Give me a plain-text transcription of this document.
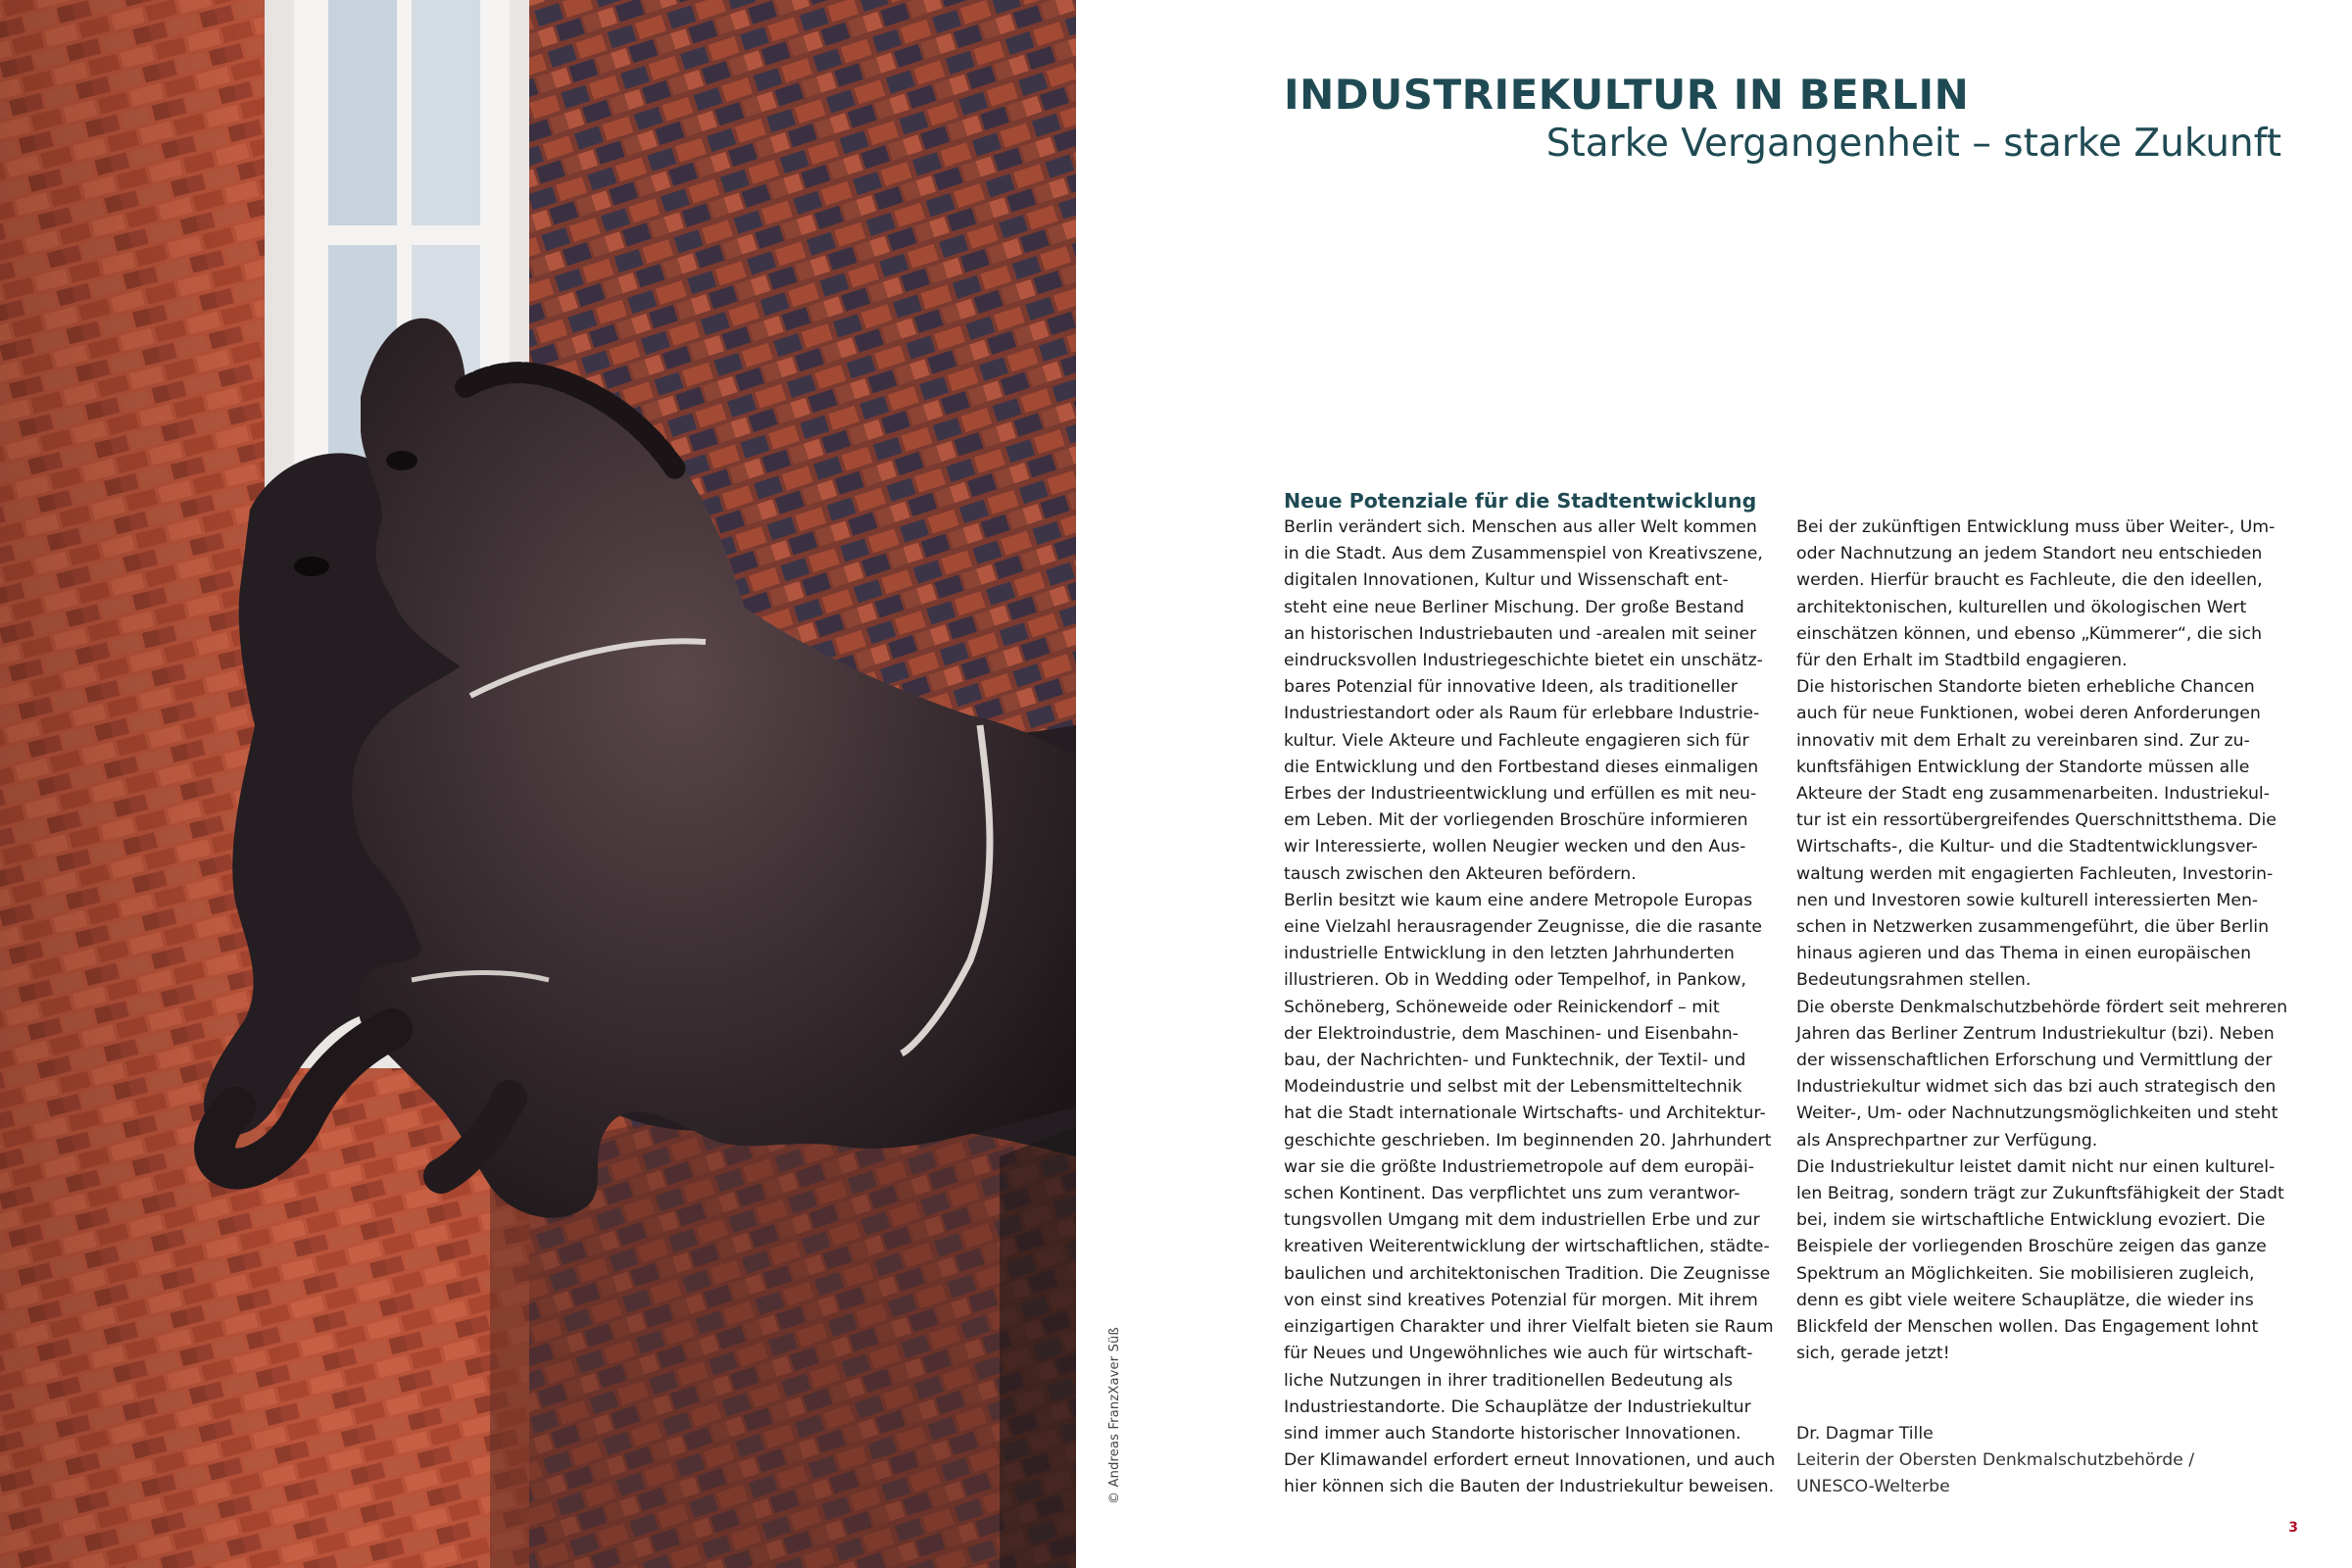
© Andreas FranzXaver Süß
INDUSTRIEKULTUR IN BERLIN
Starke Vergangenheit – starke Zukunft
Neue Potenziale für die Stadtentwicklung

Berlin verändert sich. Menschen aus aller Welt kommen
in die Stadt. Aus dem Zusammenspiel von Kreativszene,
digitalen Innovationen, Kultur und Wissenschaft ent-
steht eine neue Berliner Mischung. Der große Bestand
an historischen Industriebauten und -arealen mit seiner
eindrucksvollen Industriegeschichte bietet ein unschätz-
bares Potenzial für innovative Ideen, als traditioneller
Industriestandort oder als Raum für erlebbare Industrie-
kultur. Viele Akteure und Fachleute engagieren sich für
die Entwicklung und den Fortbestand dieses einmaligen
Erbes der Industrieentwicklung und erfüllen es mit neu-
em Leben. Mit der vorliegenden Broschüre informieren
wir Interessierte, wollen Neugier wecken und den Aus-
tausch zwischen den Akteuren befördern.
Berlin besitzt wie kaum eine andere Metropole Europas
eine Vielzahl herausragender Zeugnisse, die die rasante
industrielle Entwicklung in den letzten Jahrhunderten
illustrieren. Ob in Wedding oder Tempelhof, in Pankow,
Schöneberg, Schöneweide oder Reinickendorf – mit
der Elektroindustrie, dem Maschinen- und Eisenbahn-
bau, der Nachrichten- und Funktechnik, der Textil- und
Modeindustrie und selbst mit der Lebensmitteltechnik
hat die Stadt internationale Wirtschafts- und Architektur-
geschichte geschrieben. Im beginnenden 20. Jahrhundert
war sie die größte Industriemetropole auf dem europäi-
schen Kontinent. Das verpflichtet uns zum verantwor-
tungsvollen Umgang mit dem industriellen Erbe und zur
kreativen Weiterentwicklung der wirtschaftlichen, städte-
baulichen und architektonischen Tradition. Die Zeugnisse
von einst sind kreatives Potenzial für morgen. Mit ihrem
einzigartigen Charakter und ihrer Vielfalt bieten sie Raum
für Neues und Ungewöhnliches wie auch für wirtschaft-
liche Nutzungen in ihrer traditionellen Bedeutung als
Industriestandorte. Die Schauplätze der Industriekultur
sind immer auch Standorte historischer Innovationen.
Der Klimawandel erfordert erneut Innovationen, und auch
hier können sich die Bauten der Industriekultur beweisen.

Bei der zukünftigen Entwicklung muss über Weiter-, Um-
oder Nachnutzung an jedem Standort neu entschieden
werden. Hierfür braucht es Fachleute, die den ideellen,
architektonischen, kulturellen und ökologischen Wert
einschätzen können, und ebenso „Kümmerer“, die sich
für den Erhalt im Stadtbild engagieren.
Die historischen Standorte bieten erhebliche Chancen
auch für neue Funktionen, wobei deren Anforderungen
innovativ mit dem Erhalt zu vereinbaren sind. Zur zu-
kunftsfähigen Entwicklung der Standorte müssen alle
Akteure der Stadt eng zusammenarbeiten. Industriekul-
tur ist ein ressortübergreifendes Querschnittsthema. Die
Wirtschafts-, die Kultur- und die Stadtentwicklungsver-
waltung werden mit engagierten Fachleuten, Investorin-
nen und Investoren sowie kulturell interessierten Men-
schen in Netzwerken zusammengeführt, die über Berlin
hinaus agieren und das Thema in einen europäischen
Bedeutungsrahmen stellen.
Die oberste Denkmalschutzbehörde fördert seit mehreren
Jahren das Berliner Zentrum Industriekultur (bzi). Neben
der wissenschaftlichen Erforschung und Vermittlung der
Industriekultur widmet sich das bzi auch strategisch den
Weiter-, Um- oder Nachnutzungsmöglichkeiten und steht
als Ansprechpartner zur Verfügung.
Die Industriekultur leistet damit nicht nur einen kulturel-
len Beitrag, sondern trägt zur Zukunftsfähigkeit der Stadt
bei, indem sie wirtschaftliche Entwicklung evoziert. Die
Beispiele der vorliegenden Broschüre zeigen das ganze
Spektrum an Möglichkeiten. Sie mobilisieren zugleich,
denn es gibt viele weitere Schauplätze, die wieder ins
Blickfeld der Menschen wollen. Das Engagement lohnt
sich, gerade jetzt!

Dr. Dagmar Tille
Leiterin der Obersten Denkmalschutzbehörde /
UNESCO-Welterbe
3
